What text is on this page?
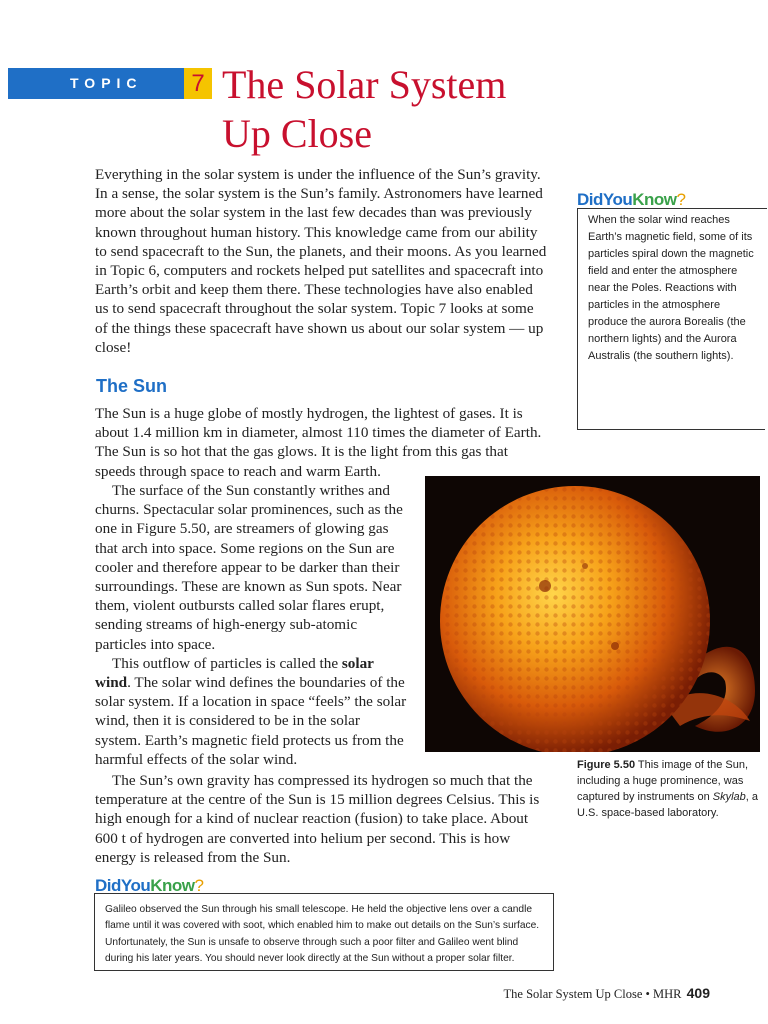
TOPIC	7 The Solar System
Up Close

Everything in the solar system is under the influence of the Sun’s gravity. In a sense, the solar system is the Sun’s family. Astronomers have learned more about the solar system in the last few decades than was previously known throughout human history. This knowledge came from our ability to send spacecraft to the Sun, the planets, and their moons. As you learned in Topic 6, computers and rockets helped put satellites and spacecraft into Earth’s orbit and keep them there. These technologies have also enabled us to send spacecraft throughout the solar system. Topic 7 looks at some of the things these spacecraft have shown us about our solar system — up close!

DidYouKnow?

When the solar wind reaches Earth’s magnetic field, some of its particles spiral down the magnetic field and enter the atmosphere near the Poles. Reactions with particles in the atmosphere produce the aurora Borealis (the northern lights) and the Aurora Australis (the southern lights).

The Sun

The Sun is a huge globe of mostly hydrogen, the lightest of gases. It is about 1.4 million km in diameter, almost 110 times the diameter of Earth. The Sun is so hot that the gas glows. It is the light from this gas that speeds through space to reach and warm Earth.

The surface of the Sun constantly writhes and churns. Spectacular solar prominences, such as the one in Figure 5.50, are streamers of glowing gas that arch into space. Some regions on the Sun are cooler and therefore appear to be darker than their surroundings. These are known as Sun spots. Near them, violent outbursts called solar flares erupt, sending streams of high-energy sub-atomic particles into space.

This outflow of particles is called the solar wind. The solar wind defines the boundaries of the solar system. If a location in space “feels” the solar wind, then it is considered to be in the solar system. Earth’s magnetic field protects us from the harmful effects of the solar wind.

The Sun’s own gravity has compressed its hydrogen so much that the temperature at the centre of the Sun is 15 million degrees Celsius. This is high enough for a kind of nuclear reaction (fusion) to take place. About 600 t of hydrogen are converted into helium per second. This is how energy is released from the Sun.

Figure 5.50 This image of the Sun, including a huge prominence, was captured by instruments on Skylab, a U.S. space-based laboratory.
DidYouKnow?

Galileo observed the Sun through his small telescope. He held the objective lens over a candle flame until it was covered with soot, which enabled him to make out details on the Sun’s surface. Unfortunately, the Sun is unsafe to observe through such a poor filter and Galileo went blind during his later years. You should never look directly at the Sun without a proper solar filter.

The Solar System Up Close • MHR 409
